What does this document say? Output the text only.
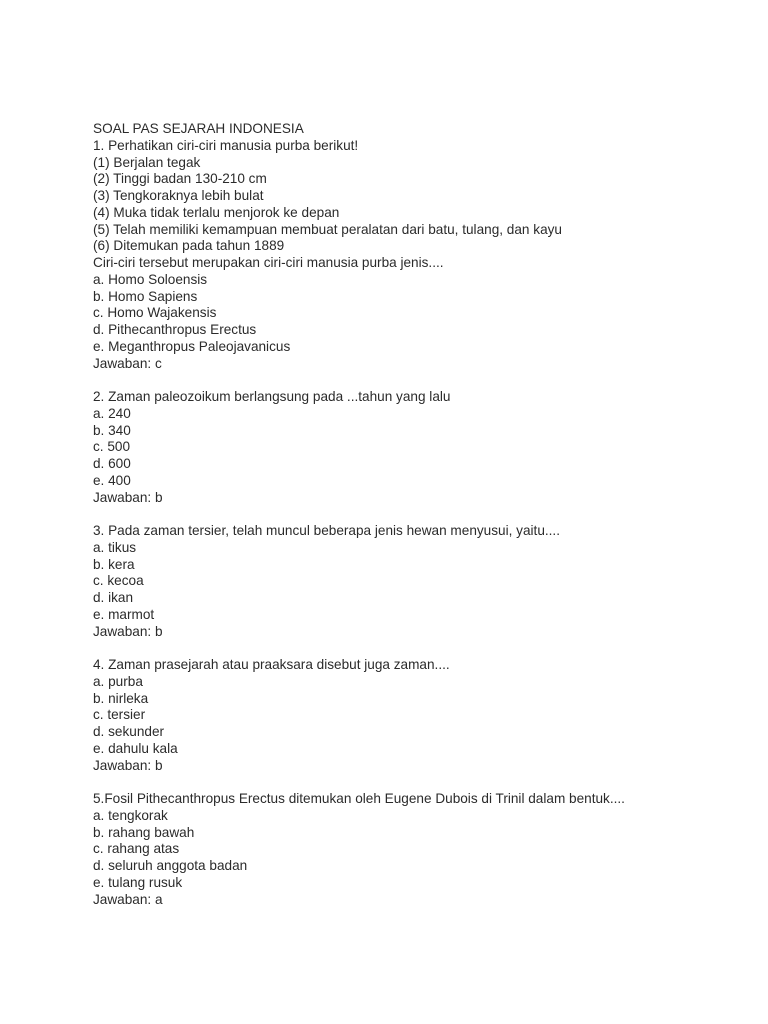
SOAL PAS SEJARAH INDONESIA
1. Perhatikan ciri-ciri manusia purba berikut!
(1) Berjalan tegak
(2) Tinggi badan 130-210 cm
(3) Tengkoraknya lebih bulat
(4) Muka tidak terlalu menjorok ke depan
(5) Telah memiliki kemampuan membuat peralatan dari batu, tulang, dan kayu
(6) Ditemukan pada tahun 1889
Ciri-ciri tersebut merupakan ciri-ciri manusia purba jenis....
a. Homo Soloensis
b. Homo Sapiens
c. Homo Wajakensis
d. Pithecanthropus Erectus
e. Meganthropus Paleojavanicus
Jawaban: c
2. Zaman paleozoikum berlangsung pada ...tahun yang lalu
a. 240
b. 340
c. 500
d. 600
e. 400
Jawaban: b
3. Pada zaman tersier, telah muncul beberapa jenis hewan menyusui, yaitu....
a. tikus
b. kera
c. kecoa
d. ikan
e. marmot
Jawaban: b
4. Zaman prasejarah atau praaksara disebut juga zaman....
a. purba
b. nirleka
c. tersier
d. sekunder
e. dahulu kala
Jawaban: b
5.Fosil Pithecanthropus Erectus ditemukan oleh Eugene Dubois di Trinil dalam bentuk....
a. tengkorak
b. rahang bawah
c. rahang atas
d. seluruh anggota badan
e. tulang rusuk
Jawaban: a
